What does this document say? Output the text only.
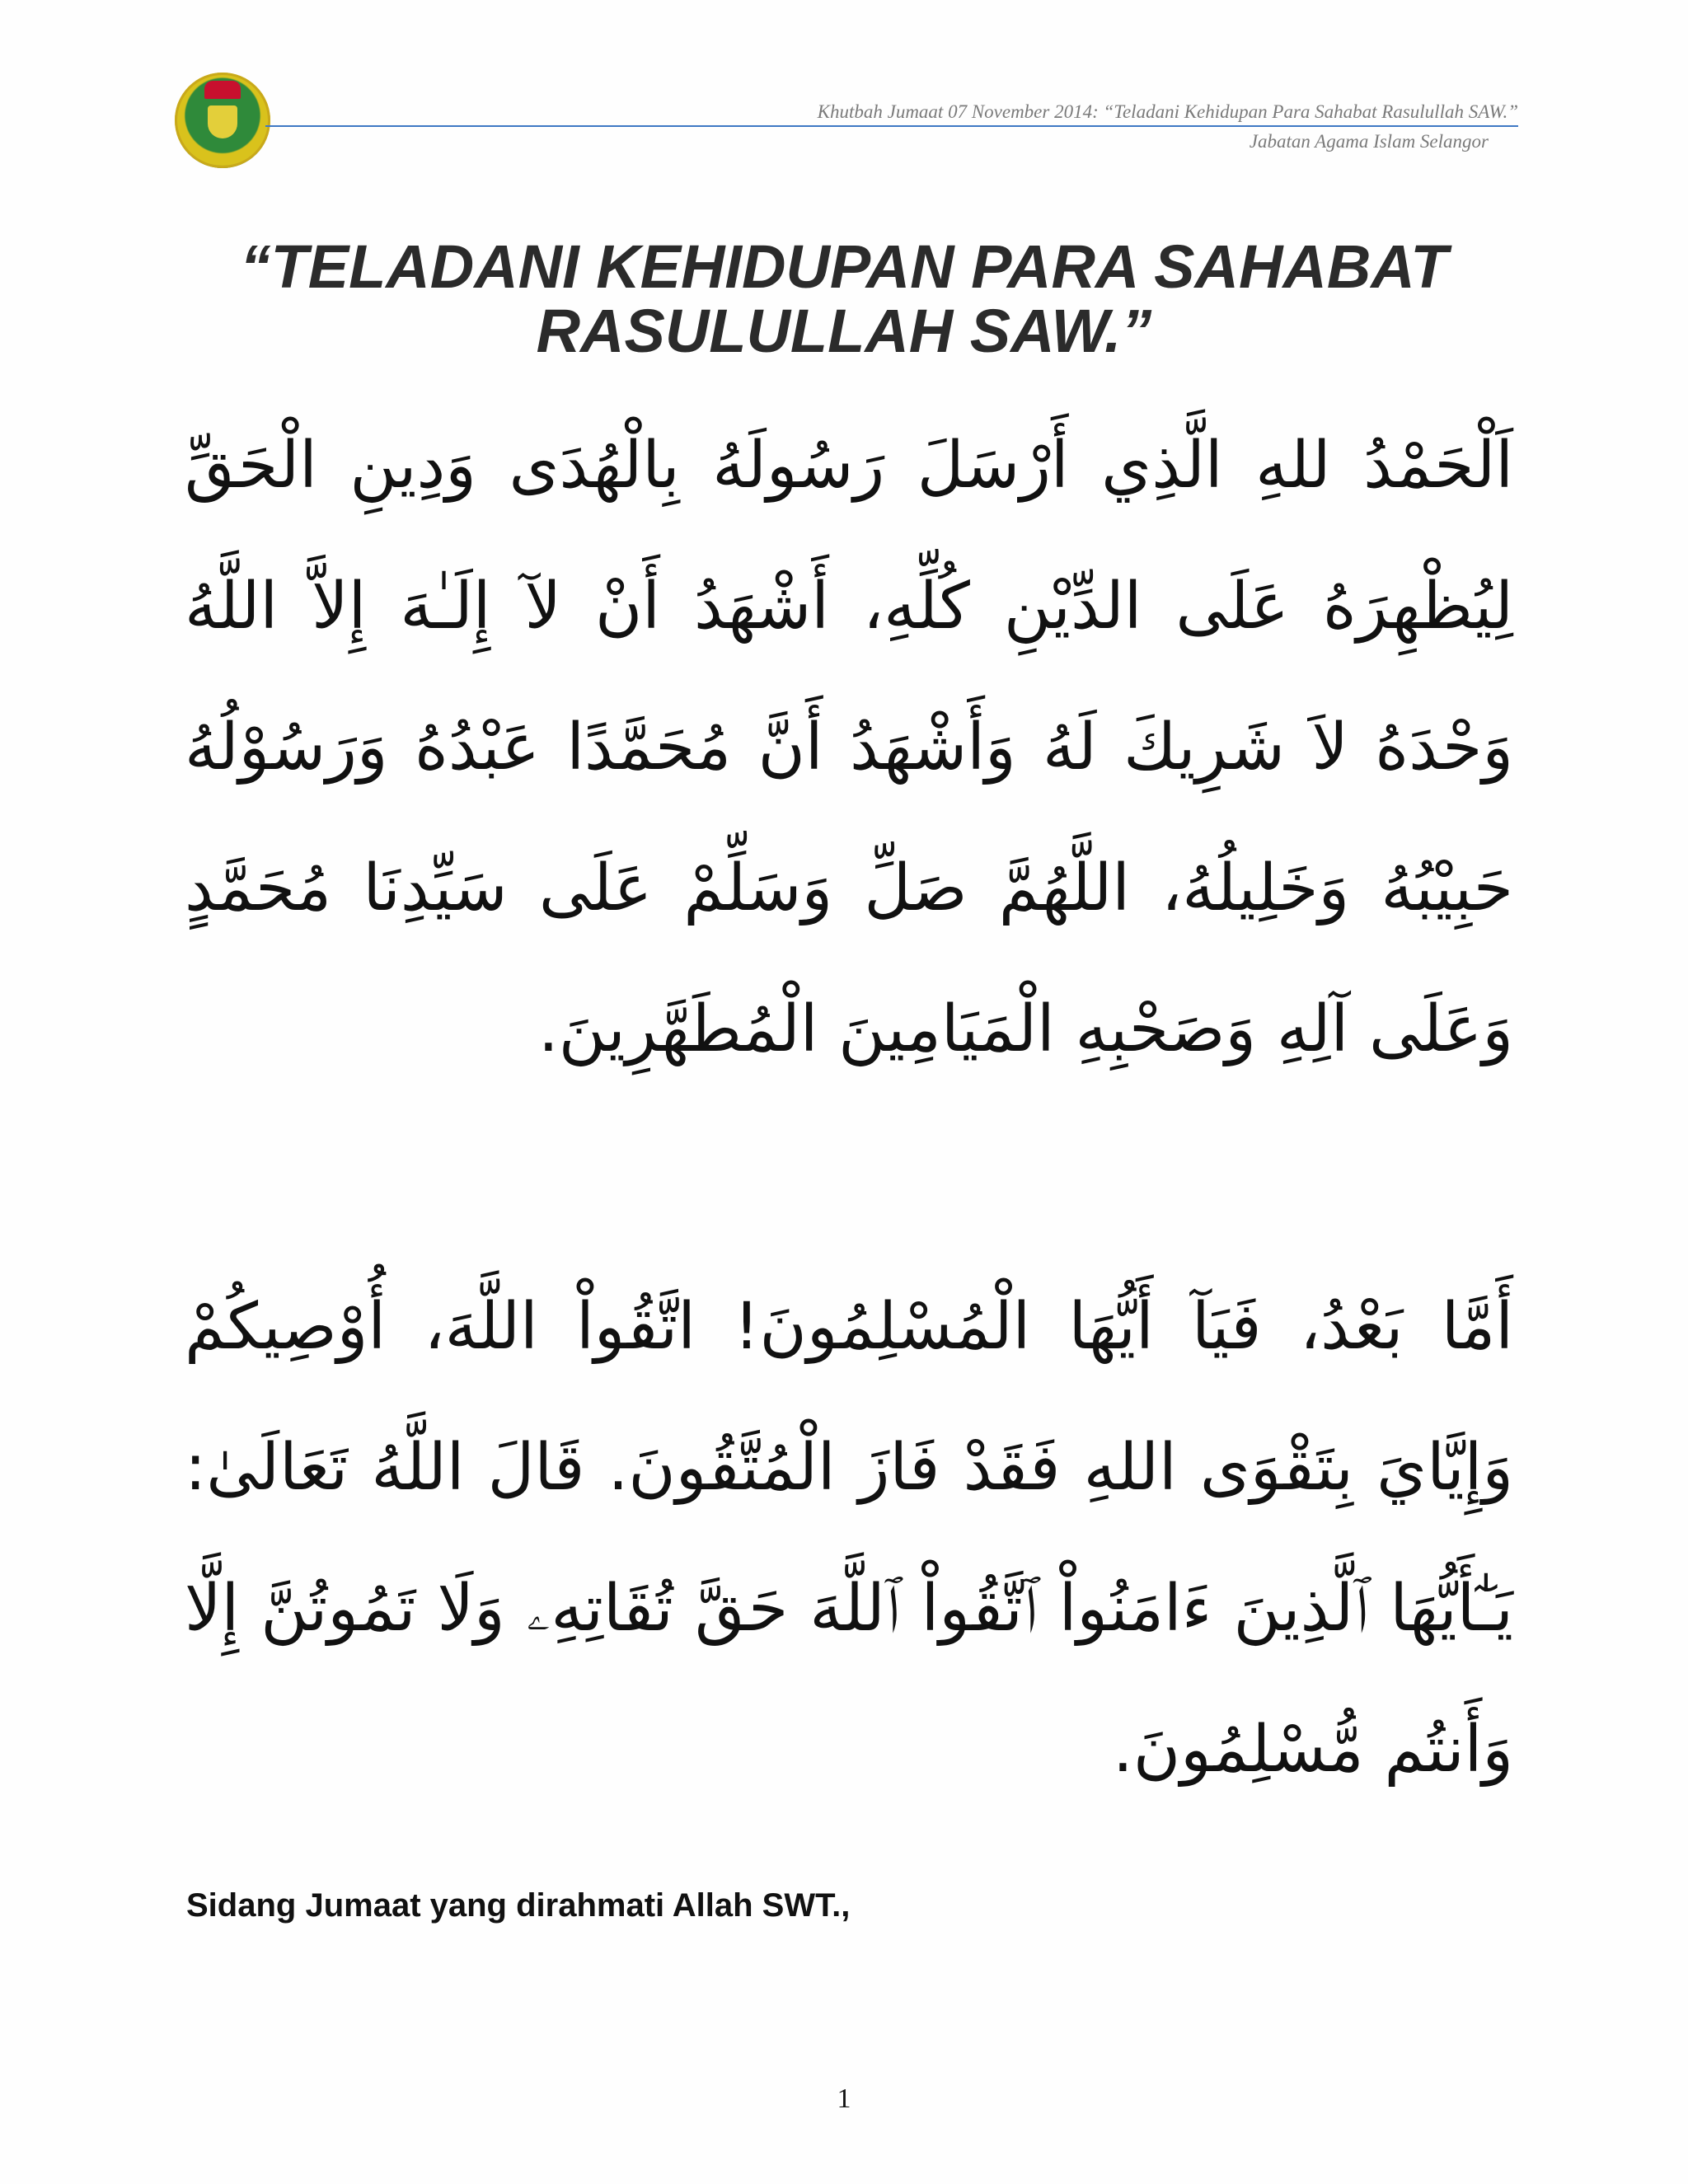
Khutbah Jumaat 07 November 2014: “Teladani Kehidupan Para Sahabat Rasulullah SAW.”
Jabatan Agama Islam Selangor
“TELADANI KEHIDUPAN PARA SAHABAT RASULULLAH SAW.”
اَلْحَمْدُ للهِ الَّذِي أَرْسَلَ رَسُولَهُ بِالْهُدَى وَدِينِ الْحَقِّ لِيُظْهِرَهُ عَلَى الدِّيْنِ كُلِّهِ، أَشْهَدُ أَنْ لآ إِلَـٰهَ إِلاَّ اللَّهُ وَحْدَهُ لاَ شَرِيكَ لَهُ وَأَشْهَدُ أَنَّ مُحَمَّدًا عَبْدُهُ وَرَسُوْلُهُ حَبِيْبُهُ وَخَلِيلُهُ، اللَّهُمَّ صَلِّ وَسَلِّمْ عَلَى سَيِّدِنَا مُحَمَّدٍ وَعَلَى آلِهِ وَصَحْبِهِ الْمَيَامِينَ الْمُطَهَّرِينَ.
أَمَّا بَعْدُ، فَيَآ أَيُّهَا الْمُسْلِمُونَ! اتَّقُواْ اللَّهَ، أُوْصِيكُمْ وَإِيَّايَ بِتَقْوَى اللهِ فَقَدْ فَازَ الْمُتَّقُونَ. قَالَ اللَّهُ تَعَالَىٰ: يَـٰٓأَيُّهَا ٱلَّذِينَ ءَامَنُواْ ٱتَّقُواْ ٱللَّهَ حَقَّ تُقَاتِهِۦ وَلَا تَمُوتُنَّ إِلَّا وَأَنتُم مُّسْلِمُونَ.
Sidang Jumaat yang dirahmati Allah SWT.,
1
